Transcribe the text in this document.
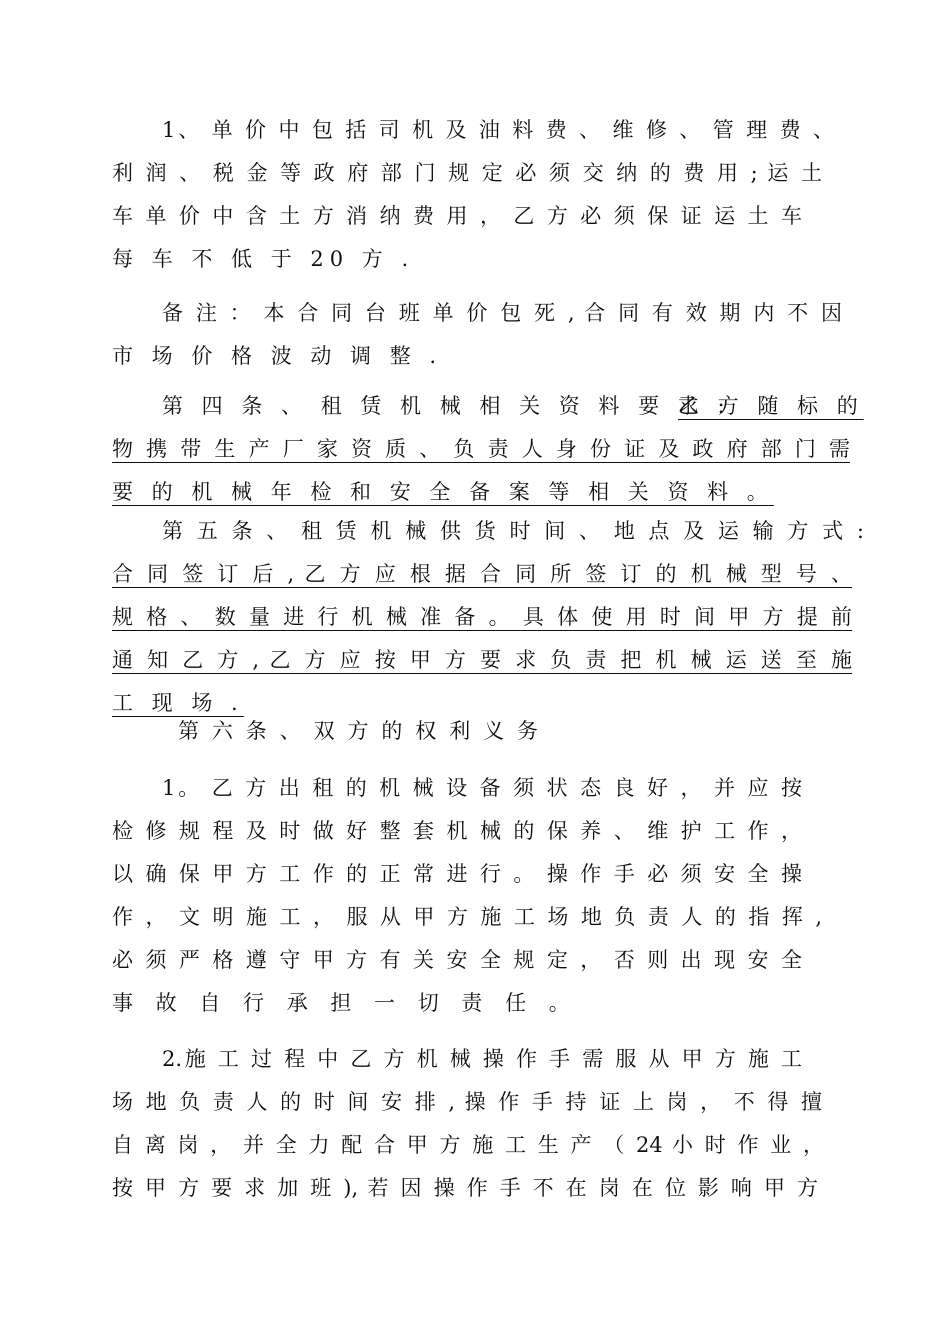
1、 单 价 中 包 括 司 机 及 油 料 费 、 维 修 、 管 理 费 、
利 润 、 税 金 等 政 府 部 门 规 定 必 须 交 纳 的 费 用 ; 运 土
车 单 价 中 含 土 方 消 纳 费 用 ， 乙 方 必 须 保 证 运 土 车
每 车 不 低 于 20 方 .
备 注 ： 本 合 同 台 班 单 价 包 死 , 合 同 有 效 期 内 不 因
市 场 价 格 波 动 调 整 .
第 四 条 、 租 赁 机 械 相 关 资 料 要 求 :
乙 方 随 标 的
物 携 带 生 产 厂 家 资 质 、 负 责 人 身 份 证 及 政 府 部 门 需
要 的 机 械 年 检 和 安 全 备 案 等 相 关 资 料 。
第 五 条 、 租 赁 机 械 供 货 时 间 、 地 点 及 运 输 方 式 :
合 同 签 订 后 , 乙 方 应 根 据 合 同 所 签 订 的 机 械 型 号 、
规 格 、 数 量 进 行 机 械 准 备 。 具 体 使 用 时 间 甲 方 提 前
通 知 乙 方 , 乙 方 应 按 甲 方 要 求 负 责 把 机 械 运 送 至 施
工 现 场 .
第 六 条 、 双 方 的 权 利 义 务
1。 乙 方 出 租 的 机 械 设 备 须 状 态 良 好 ， 并 应 按
检 修 规 程 及 时 做 好 整 套 机 械 的 保 养 、 维 护 工 作 ，
以 确 保 甲 方 工 作 的 正 常 进 行 。 操 作 手 必 须 安 全 操
作 ， 文 明 施 工 ， 服 从 甲 方 施 工 场 地 负 责 人 的 指 挥 ,
必 须 严 格 遵 守 甲 方 有 关 安 全 规 定 ， 否 则 出 现 安 全
事 故 自 行 承 担 一 切 责 任 。
2.施 工 过 程 中 乙 方 机 械 操 作 手 需 服 从 甲 方 施 工
场 地 负 责 人 的 时 间 安 排 , 操 作 手 持 证 上 岗 ， 不 得 擅
自 离 岗 ， 并 全 力 配 合 甲 方 施 工 生 产 （ 24 小 时 作 业 ，
按 甲 方 要 求 加 班 ), 若 因 操 作 手 不 在 岗 在 位 影 响 甲 方
